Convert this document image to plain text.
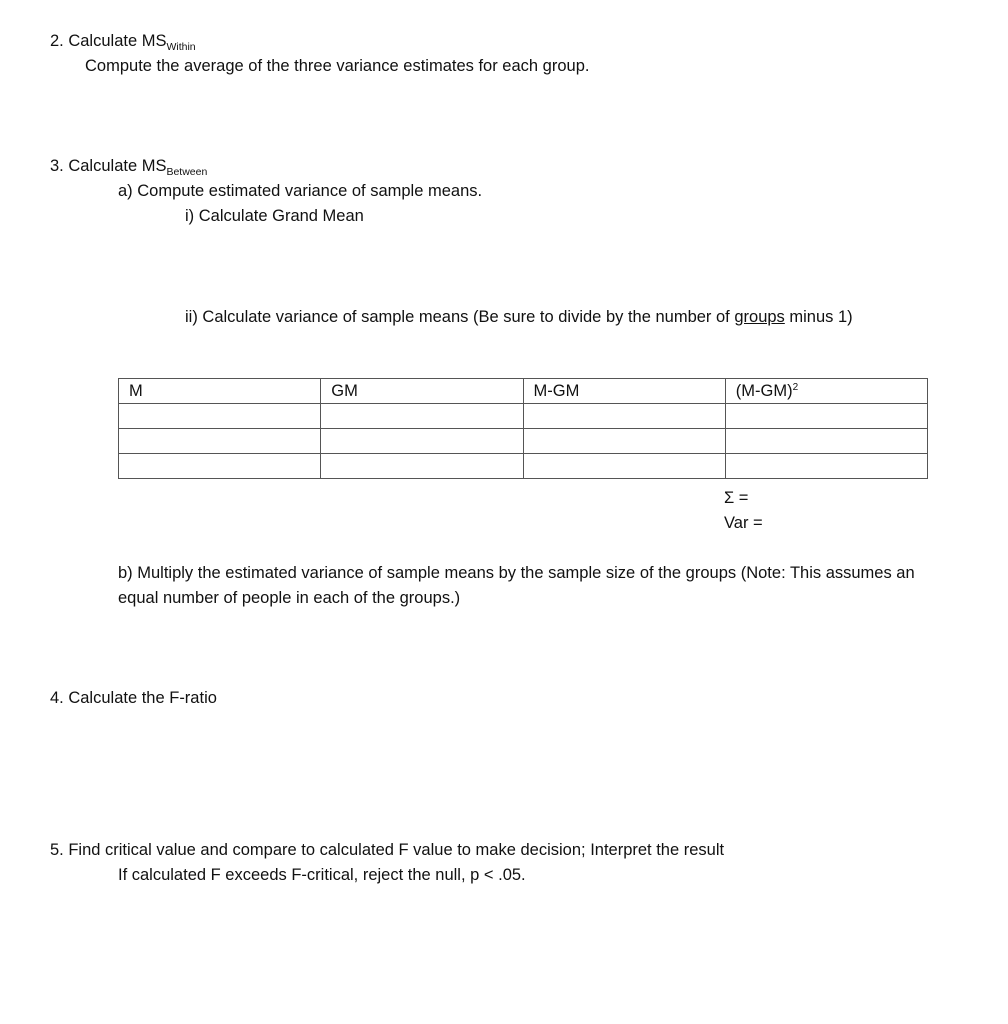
2. Calculate $MS_{Within}$
Compute the average of the three variance estimates for each group.
3. Calculate $MS_{Between}$
a) Compute estimated variance of sample means.
i) Calculate Grand Mean
ii) Calculate variance of sample means (Be sure to divide by the number of groups minus 1)
M	GM	M-GM	$(M-GM)^2$

Σ =
Var =
b) Multiply the estimated variance of sample means by the sample size of the groups (Note: This assumes an equal number of people in each of the groups.)
4. Calculate the F-ratio
5. Find critical value and compare to calculated F value to make decision; Interpret the result
If calculated F exceeds F-critical, reject the null, p < .05.
